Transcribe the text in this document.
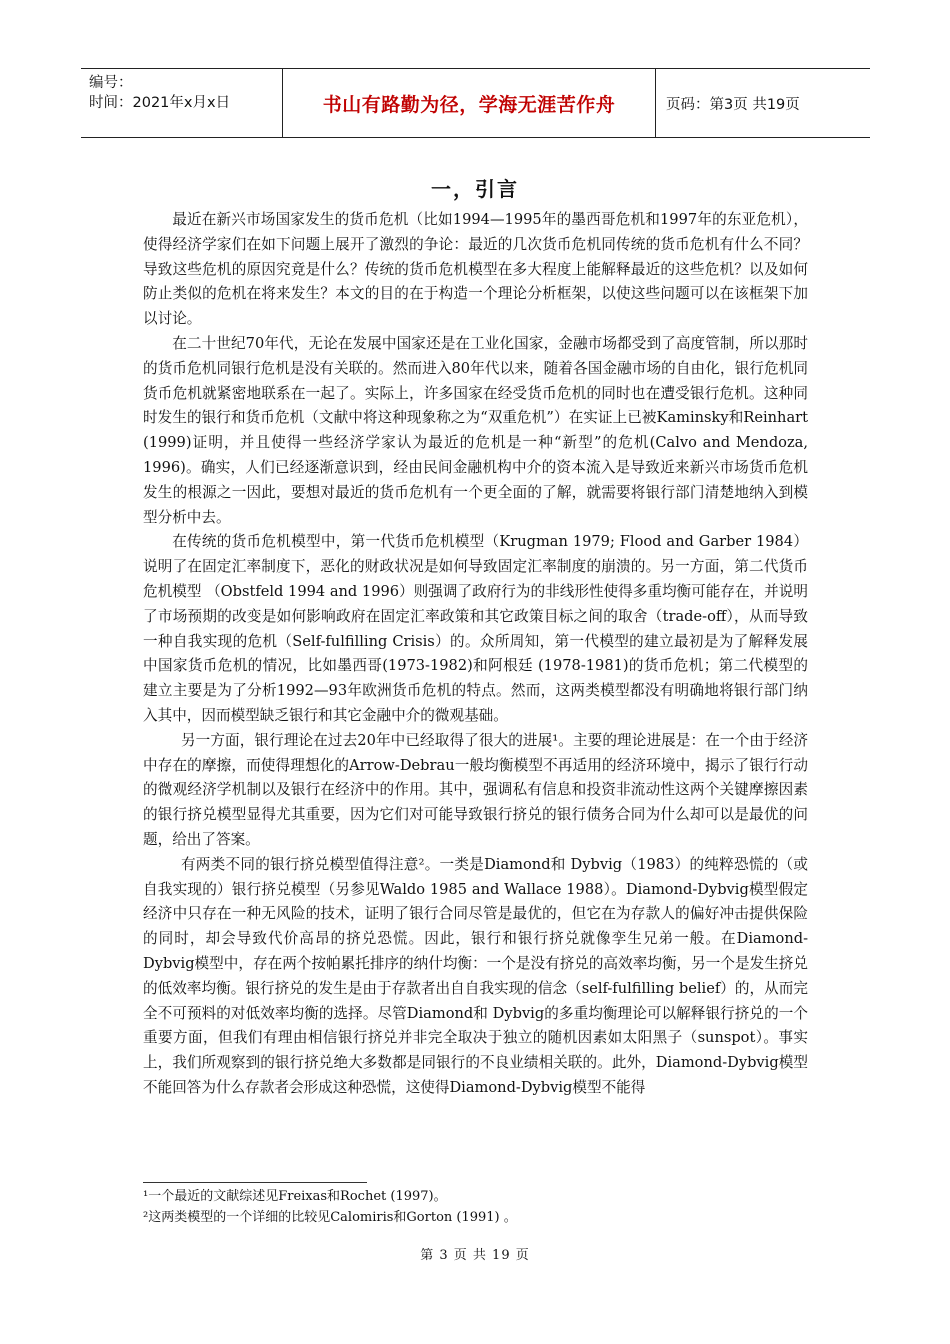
编号：
时间：2021年x月x日	书山有路勤为径，学海无涯苦作舟	页码：第3页 共19页
一，引言

最近在新兴市场国家发生的货币危机（比如1994—1995年的墨西哥危机和1997年的东亚危机），使得经济学家们在如下问题上展开了激烈的争论：最近的几次货币危机同传统的货币危机有什么不同？导致这些危机的原因究竟是什么？传统的货币危机模型在多大程度上能解释最近的这些危机？以及如何防止类似的危机在将来发生？本文的目的在于构造一个理论分析框架，以使这些问题可以在该框架下加以讨论。

在二十世纪70年代，无论在发展中国家还是在工业化国家，金融市场都受到了高度管制，所以那时的货币危机同银行危机是没有关联的。然而进入80年代以来，随着各国金融市场的自由化，银行危机同货币危机就紧密地联系在一起了。实际上，许多国家在经受货币危机的同时也在遭受银行危机。这种同时发生的银行和货币危机（文献中将这种现象称之为“双重危机”）在实证上已被Kaminsky和Reinhart (1999)证明，并且使得一些经济学家认为最近的危机是一种“新型”的危机(Calvo and Mendoza, 1996)。确实，人们已经逐渐意识到，经由民间金融机构中介的资本流入是导致近来新兴市场货币危机发生的根源之一因此，要想对最近的货币危机有一个更全面的了解，就需要将银行部门清楚地纳入到模型分析中去。

在传统的货币危机模型中，第一代货币危机模型（Krugman 1979; Flood and Garber 1984）说明了在固定汇率制度下，恶化的财政状况是如何导致固定汇率制度的崩溃的。另一方面，第二代货币危机模型 （Obstfeld 1994 and 1996）则强调了政府行为的非线形性使得多重均衡可能存在，并说明了市场预期的改变是如何影响政府在固定汇率政策和其它政策目标之间的取舍（trade-off），从而导致一种自我实现的危机（Self-fulfilling Crisis）的。众所周知，第一代模型的建立最初是为了解释发展中国家货币危机的情况，比如墨西哥(1973-1982)和阿根廷 (1978-1981)的货币危机；第二代模型的建立主要是为了分析1992—93年欧洲货币危机的特点。然而，这两类模型都没有明确地将银行部门纳入其中，因而模型缺乏银行和其它金融中介的微观基础。

另一方面，银行理论在过去20年中已经取得了很大的进展¹。主要的理论进展是：在一个由于经济中存在的摩擦，而使得理想化的Arrow-Debrau一般均衡模型不再适用的经济环境中，揭示了银行行动的微观经济学机制以及银行在经济中的作用。其中，强调私有信息和投资非流动性这两个关键摩擦因素的银行挤兑模型显得尤其重要，因为它们对可能导致银行挤兑的银行债务合同为什么却可以是最优的问题，给出了答案。

有两类不同的银行挤兑模型值得注意²。一类是Diamond和 Dybvig（1983）的纯粹恐慌的（或自我实现的）银行挤兑模型（另参见Waldo 1985 and Wallace 1988）。Diamond-Dybvig模型假定经济中只存在一种无风险的技术，证明了银行合同尽管是最优的，但它在为存款人的偏好冲击提供保险的同时，却会导致代价高昂的挤兑恐慌。因此，银行和银行挤兑就像孪生兄弟一般。在Diamond-Dybvig模型中，存在两个按帕累托排序的纳什均衡：一个是没有挤兑的高效率均衡，另一个是发生挤兑的低效率均衡。银行挤兑的发生是由于存款者出自自我实现的信念（self-fulfilling belief）的，从而完全不可预料的对低效率均衡的选择。尽管Diamond和 Dybvig的多重均衡理论可以解释银行挤兑的一个重要方面，但我们有理由相信银行挤兑并非完全取决于独立的随机因素如太阳黑子（sunspot）。事实上，我们所观察到的银行挤兑绝大多数都是同银行的不良业绩相关联的。此外，Diamond-Dybvig模型不能回答为什么存款者会形成这种恐慌，这使得Diamond-Dybvig模型不能得

¹一个最近的文献综述见Freixas和Rochet (1997)。
²这两类模型的一个详细的比较见Calomiris和Gorton (1991) 。
第 3 页 共 19 页
